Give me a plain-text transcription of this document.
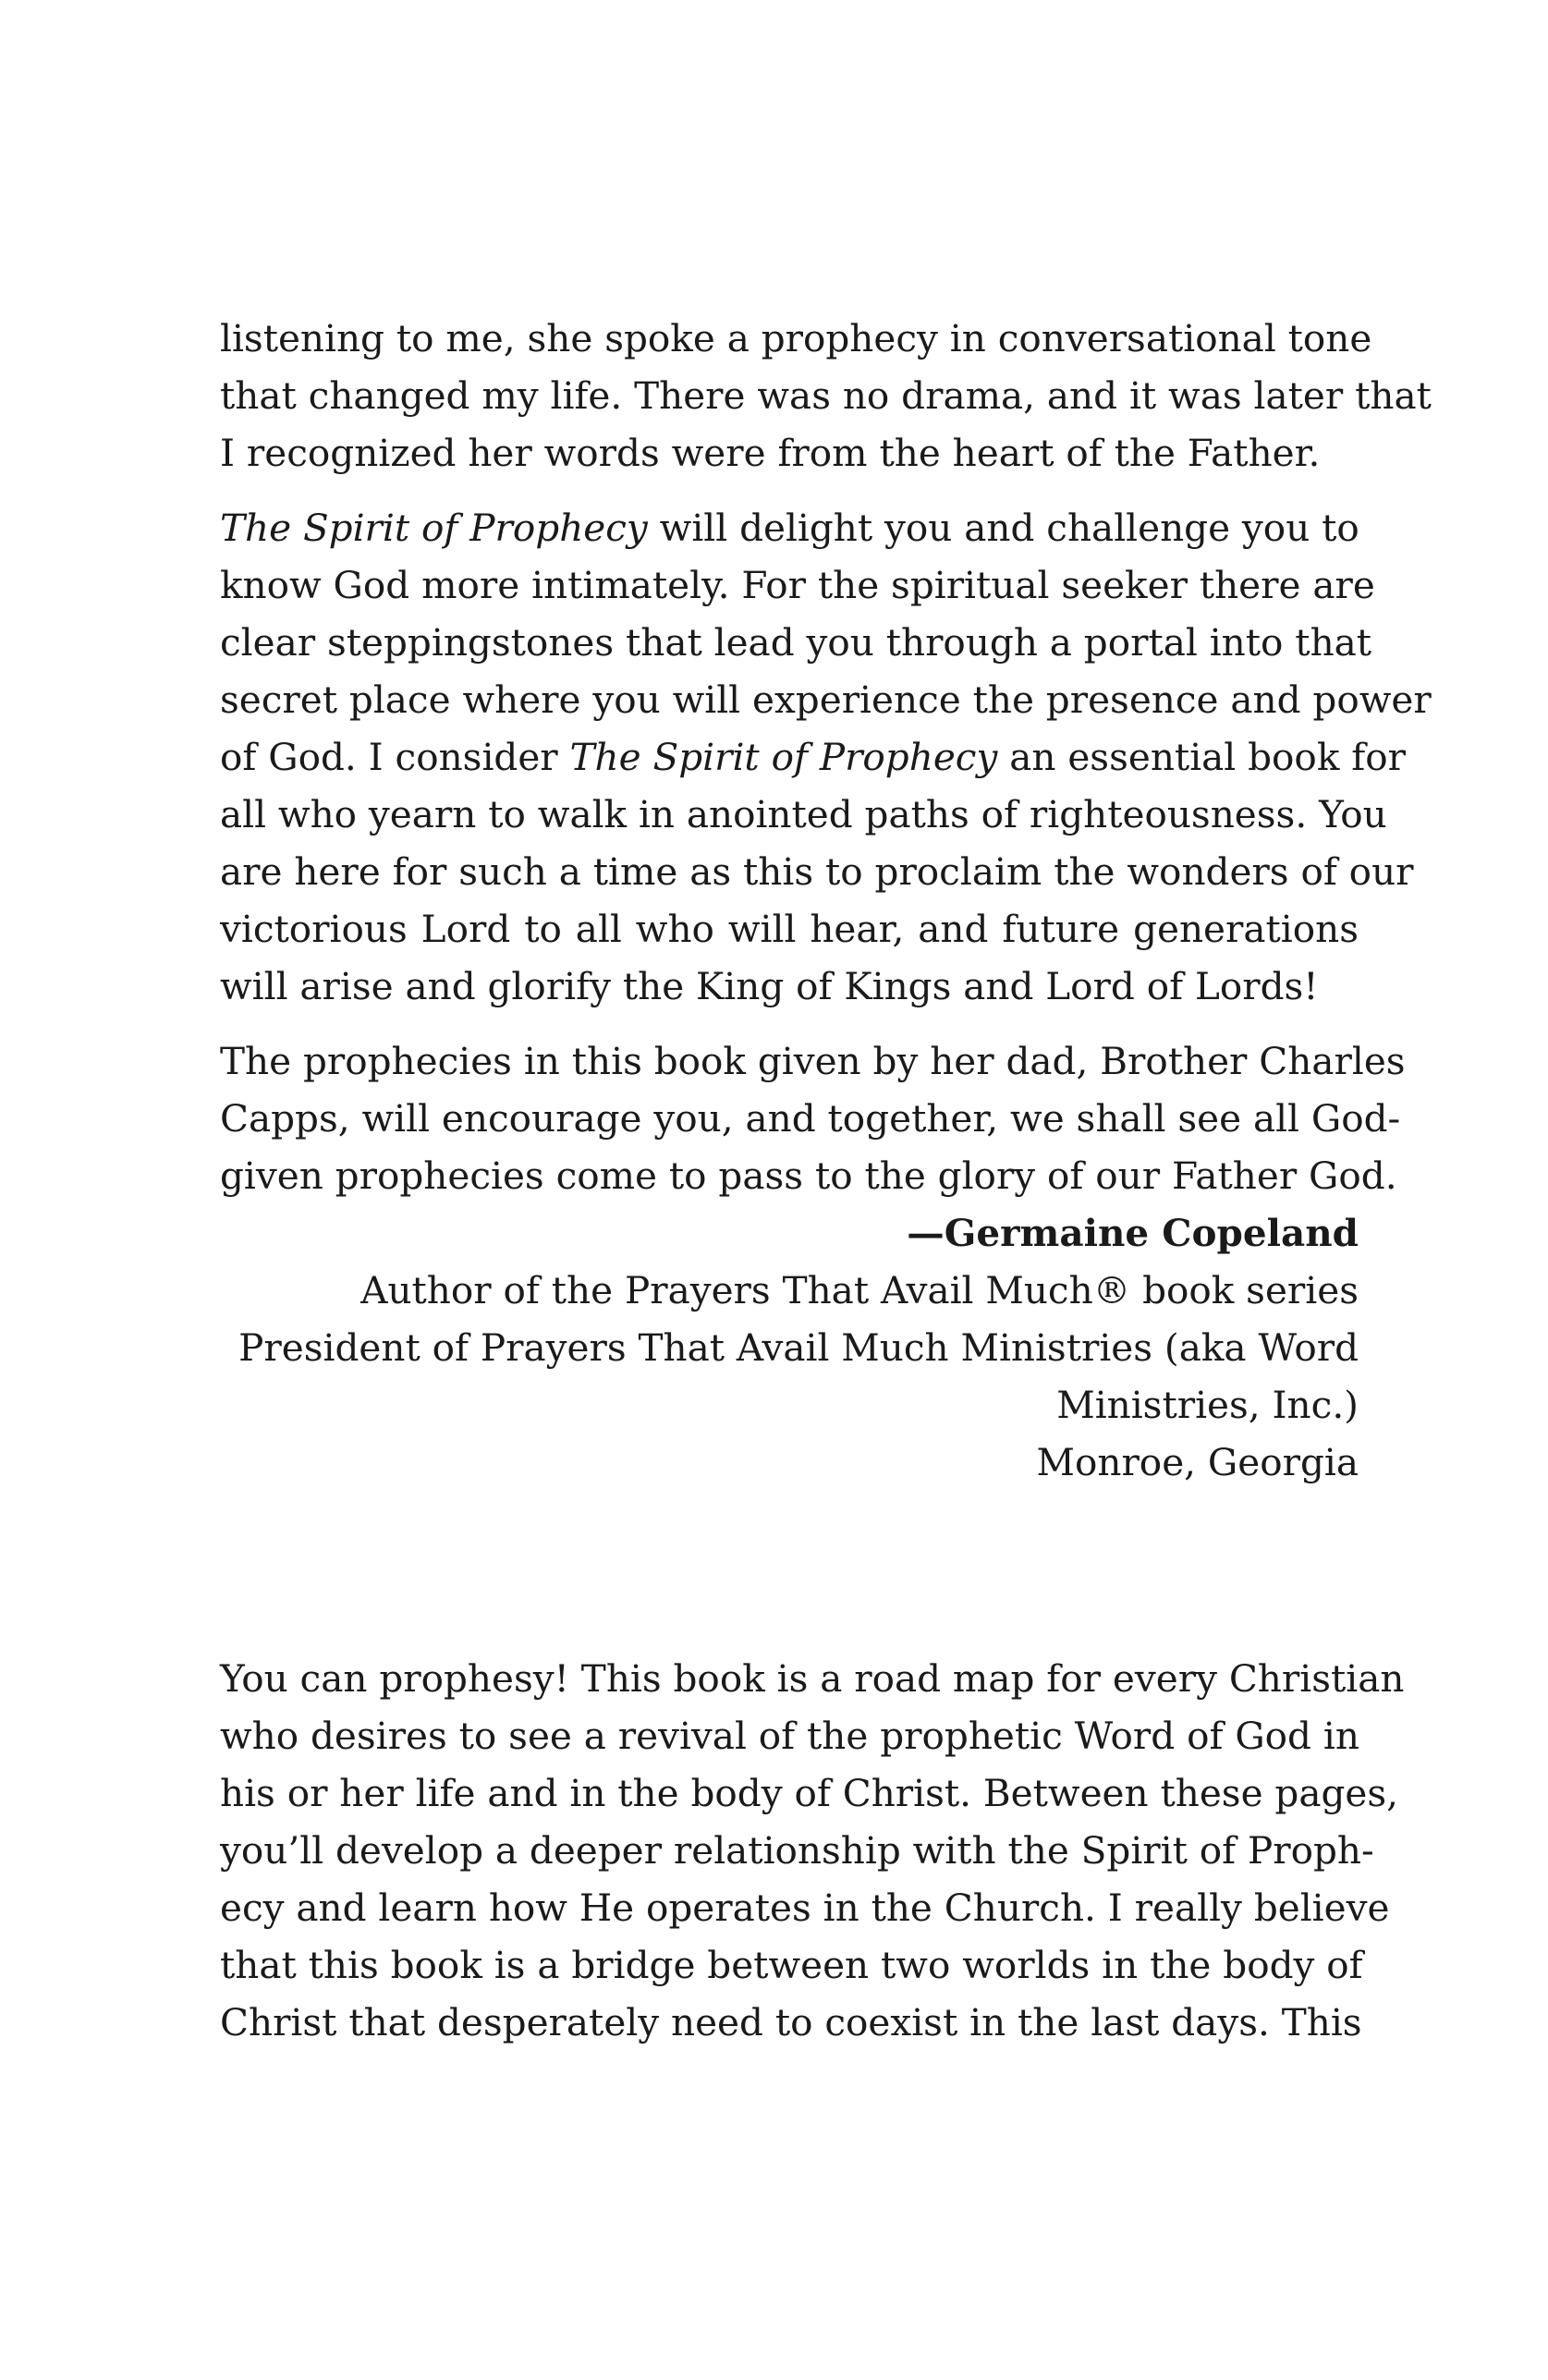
listening to me, she spoke a prophecy in conversational tone
that changed my life. There was no drama, and it was later that
I recognized her words were from the heart of the Father.
The Spirit of Prophecy will delight you and challenge you to
know God more intimately. For the spiritual seeker there are
clear steppingstones that lead you through a portal into that
secret place where you will experience the presence and power
of God. I consider The Spirit of Prophecy an essential book for
all who yearn to walk in anointed paths of righteousness. You
are here for such a time as this to proclaim the wonders of our
victorious Lord to all who will hear, and future generations
will arise and glorify the King of Kings and Lord of Lords!
The prophecies in this book given by her dad, Brother Charles
Capps, will encourage you, and together, we shall see all God-
given prophecies come to pass to the glory of our Father God.
—Germaine Copeland
Author of the Prayers That Avail Much® book series
President of Prayers That Avail Much Ministries (aka Word
Ministries, Inc.)
Monroe, Georgia
You can prophesy! This book is a road map for every Christian
who desires to see a revival of the prophetic Word of God in
his or her life and in the body of Christ. Between these pages,
you’ll develop a deeper relationship with the Spirit of Proph-
ecy and learn how He operates in the Church. I really believe
that this book is a bridge between two worlds in the body of
Christ that desperately need to coexist in the last days. This
